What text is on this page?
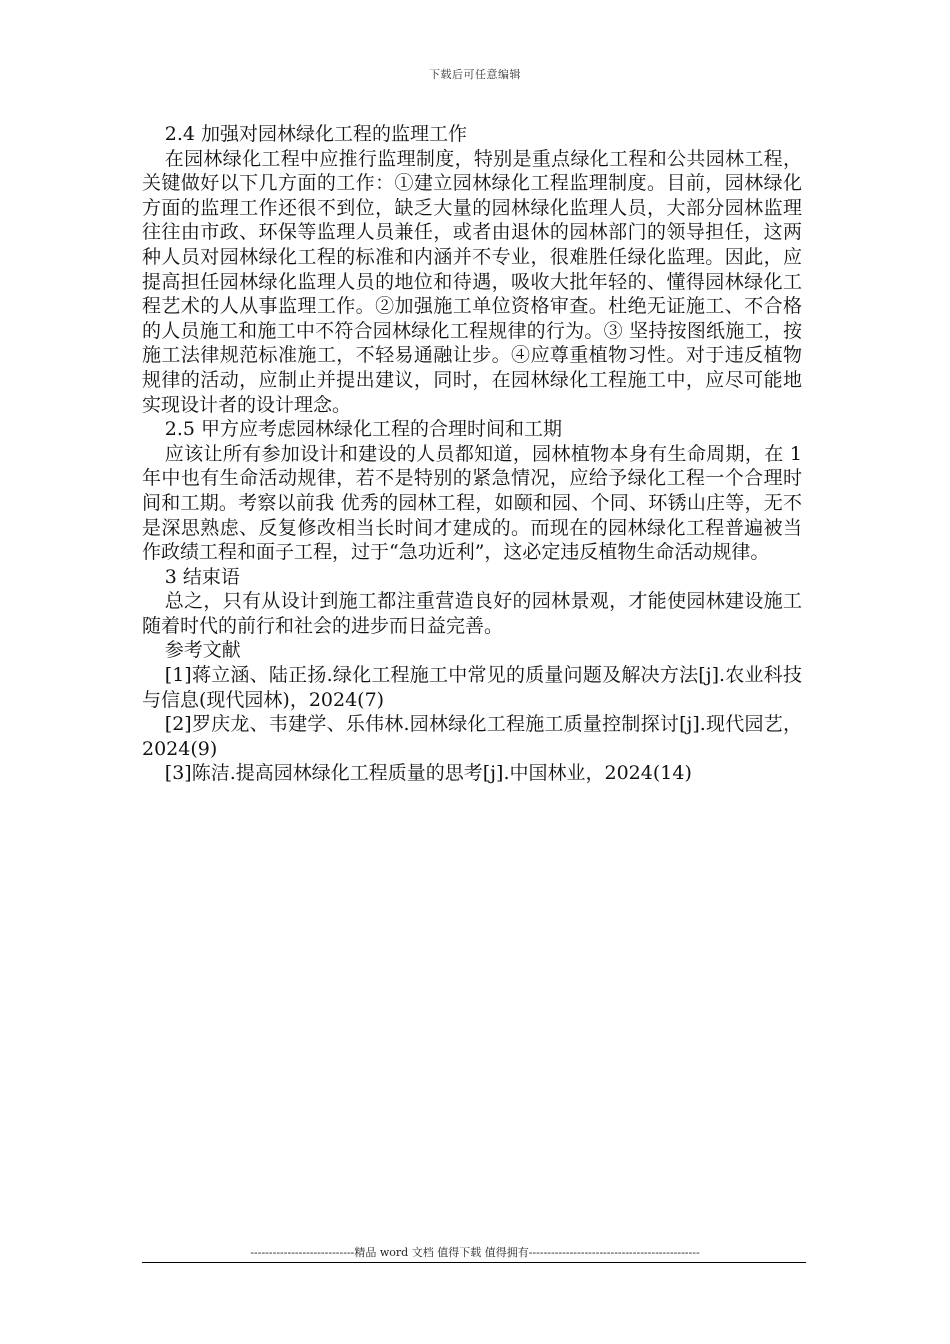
下载后可任意编辑

2.4 加强对园林绿化工程的监理工作

在园林绿化工程中应推行监理制度，特别是重点绿化工程和公共园林工程，关键做好以下几方面的工作：①建立园林绿化工程监理制度。目前，园林绿化方面的监理工作还很不到位，缺乏大量的园林绿化监理人员，大部分园林监理往往由市政、环保等监理人员兼任，或者由退休的园林部门的领导担任，这两种人员对园林绿化工程的标准和内涵并不专业，很难胜任绿化监理。因此，应提高担任园林绿化监理人员的地位和待遇，吸收大批年轻的、懂得园林绿化工程艺术的人从事监理工作。②加强施工单位资格审查。杜绝无证施工、不合格的人员施工和施工中不符合园林绿化工程规律的行为。③ 坚持按图纸施工，按施工法律规范标准施工，不轻易通融让步。④应尊重植物习性。对于违反植物规律的活动，应制止并提出建议，同时，在园林绿化工程施工中，应尽可能地实现设计者的设计理念。

2.5 甲方应考虑园林绿化工程的合理时间和工期

应该让所有参加设计和建设的人员都知道，园林植物本身有生命周期，在 1 年中也有生命活动规律，若不是特别的紧急情况，应给予绿化工程一个合理时间和工期。考察以前我 优秀的园林工程，如颐和园、个同、环锈山庄等，无不是深思熟虑、反复修改相当长时间才建成的。而现在的园林绿化工程普遍被当作政绩工程和面子工程，过于“急功近利”，这必定违反植物生命活动规律。

3 结束语

总之，只有从设计到施工都注重营造良好的园林景观，才能使园林建设施工随着时代的前行和社会的进步而日益完善。

参考文献

[1]蒋立涵、陆正扬.绿化工程施工中常见的质量问题及解决方法[j].农业科技与信息(现代园林)，2024(7)

[2]罗庆龙、韦建学、乐伟林.园林绿化工程施工质量控制探讨[j].现代园艺，2024(9)

[3]陈洁.提高园林绿化工程质量的思考[j].中国林业，2024(14)

----------------------------精品 word 文档 值得下载 值得拥有----------------------------------------------
